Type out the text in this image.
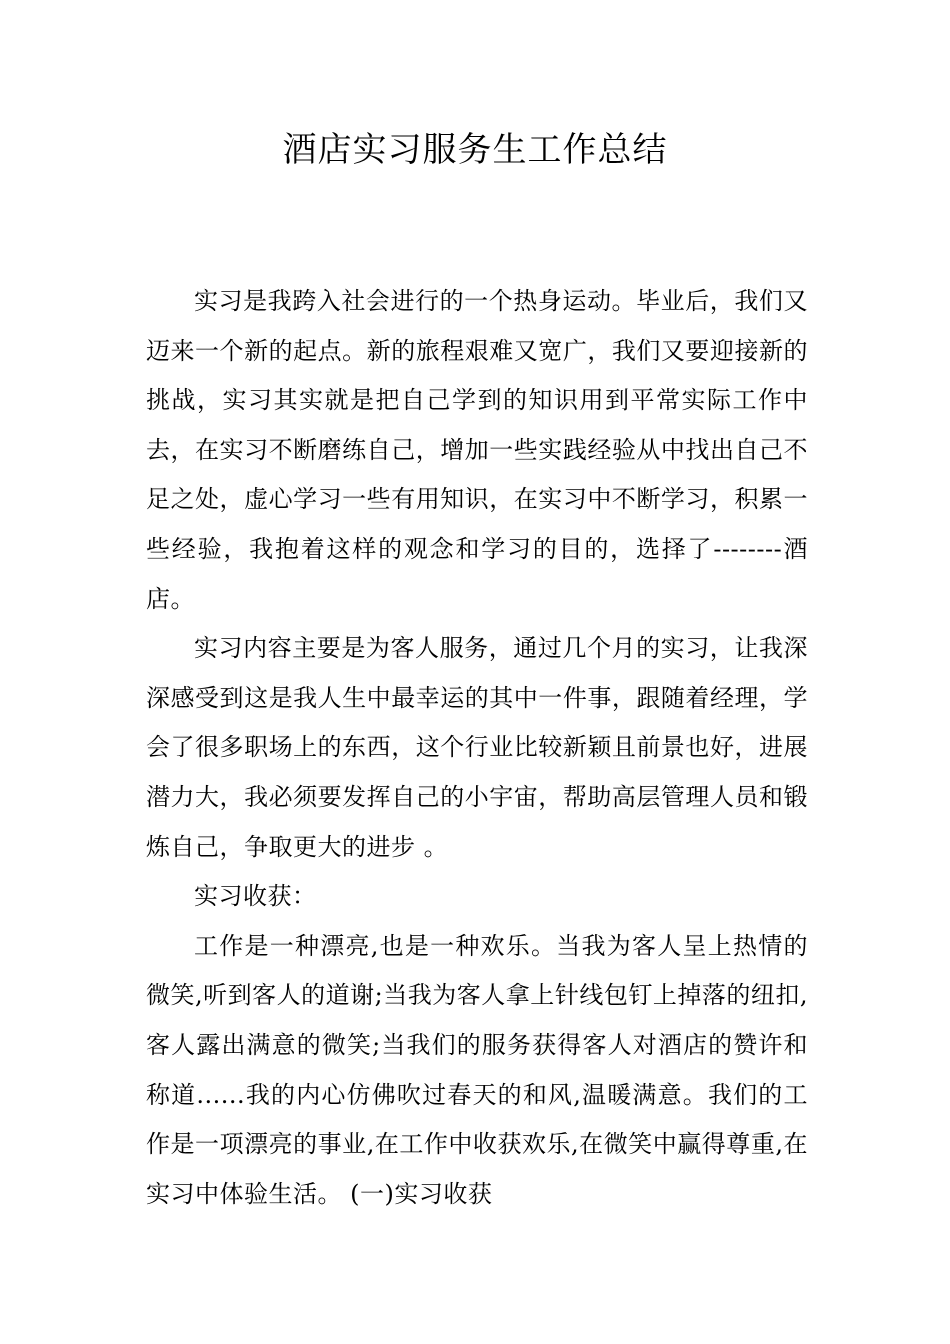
酒店实习服务生工作总结

实习是我跨入社会进行的一个热身运动。毕业后，我们又迈来一个新的起点。新的旅程艰难又宽广，我们又要迎接新的挑战，实习其实就是把自己学到的知识用到平常实际工作中去，在实习不断磨练自己，增加一些实践经验从中找出自己不足之处，虚心学习一些有用知识，在实习中不断学习，积累一些经验，我抱着这样的观念和学习的目的，选择了--------酒店。

实习内容主要是为客人服务，通过几个月的实习，让我深深感受到这是我人生中最幸运的其中一件事，跟随着经理，学会了很多职场上的东西，这个行业比较新颖且前景也好，进展潜力大，我必须要发挥自己的小宇宙，帮助高层管理人员和锻炼自己，争取更大的进步 。

实习收获：

工作是一种漂亮,也是一种欢乐。当我为客人呈上热情的微笑,听到客人的道谢;当我为客人拿上针线包钉上掉落的纽扣,客人露出满意的微笑;当我们的服务获得客人对酒店的赞许和称道......我的内心仿佛吹过春天的和风,温暖满意。我们的工作是一项漂亮的事业,在工作中收获欢乐,在微笑中赢得尊重,在实习中体验生活。 (一)实习收获
